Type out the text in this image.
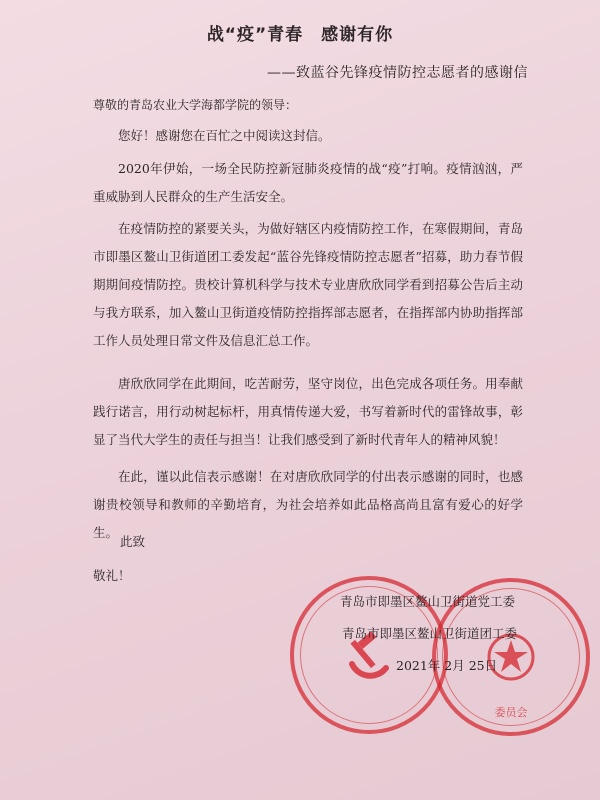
战“疫”青春　感谢有你
——致蓝谷先锋疫情防控志愿者的感谢信
尊敬的青岛农业大学海都学院的领导：

您好！感谢您在百忙之中阅读这封信。

2020年伊始，一场全民防控新冠肺炎疫情的战“疫”打响。疫情汹汹，严重威胁到人民群众的生产生活安全。

在疫情防控的紧要关头，为做好辖区内疫情防控工作，在寒假期间，青岛市即墨区鳌山卫街道团工委发起“蓝谷先锋疫情防控志愿者”招募，助力春节假期期间疫情防控。贵校计算机科学与技术专业唐欣欣同学看到招募公告后主动与我方联系，加入鳌山卫街道疫情防控指挥部志愿者，在指挥部内协助指挥部工作人员处理日常文件及信息汇总工作。

唐欣欣同学在此期间，吃苦耐劳，坚守岗位，出色完成各项任务。用奉献践行诺言，用行动树起标杆，用真情传递大爱，书写着新时代的雷锋故事，彰显了当代大学生的责任与担当！让我们感受到了新时代青年人的精神风貌！

在此，谨以此信表示感谢！在对唐欣欣同学的付出表示感谢的同时，也感谢贵校领导和教师的辛勤培育，为社会培养如此品格高尚且富有爱心的好学生。

此致
敬礼！
委员会
青岛市即墨区鳌山卫街道党工委
青岛市即墨区鳌山卫街道团工委
2021年 2月 25日
